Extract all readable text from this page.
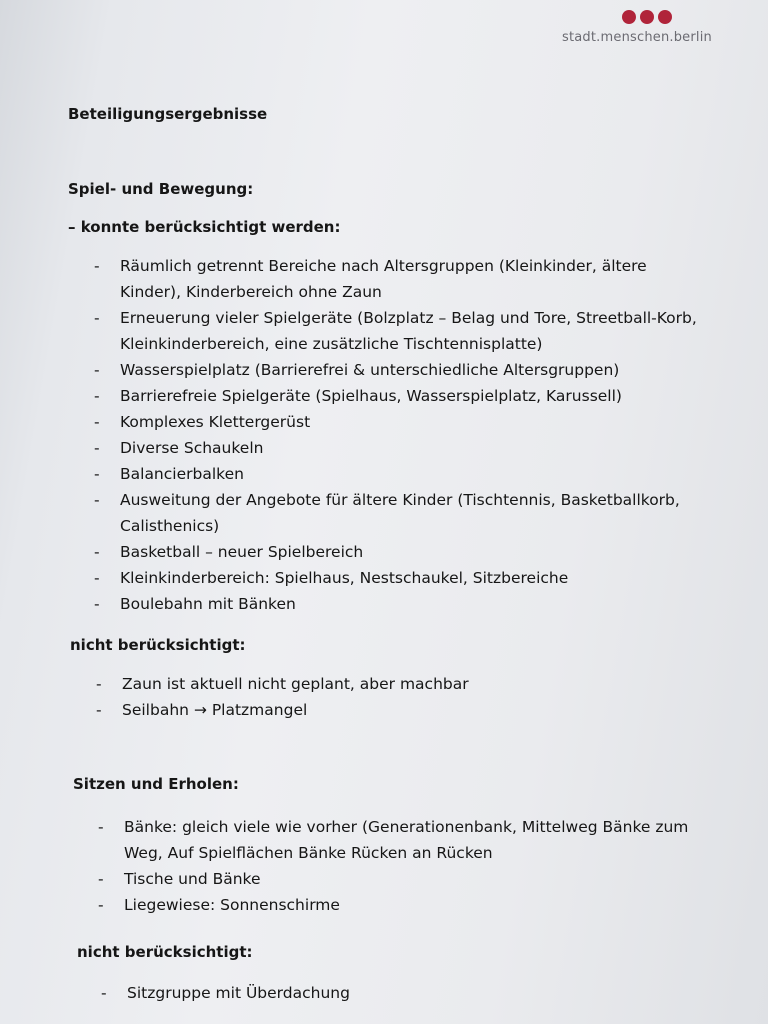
stadt.menschen.berlin
Beteiligungsergebnisse
Spiel- und Bewegung:
– konnte berücksichtigt werden:
- Räumlich getrennt Bereiche nach Altersgruppen (Kleinkinder, ältere Kinder), Kinderbereich ohne Zaun
- Erneuerung vieler Spielgeräte (Bolzplatz – Belag und Tore, Streetball-Korb, Kleinkinderbereich, eine zusätzliche Tischtennisplatte)
- Wasserspielplatz (Barrierefrei & unterschiedliche Altersgruppen)
- Barrierefreie Spielgeräte (Spielhaus, Wasserspielplatz, Karussell)
- Komplexes Klettergerüst
- Diverse Schaukeln
- Balancierbalken
- Ausweitung der Angebote für ältere Kinder (Tischtennis, Basketballkorb, Calisthenics)
- Basketball – neuer Spielbereich
- Kleinkinderbereich: Spielhaus, Nestschaukel, Sitzbereiche
- Boulebahn mit Bänken
nicht berücksichtigt:
- Zaun ist aktuell nicht geplant, aber machbar
- Seilbahn → Platzmangel
Sitzen und Erholen:
- Bänke: gleich viele wie vorher (Generationenbank, Mittelweg Bänke zum Weg, Auf Spielflächen Bänke Rücken an Rücken
- Tische und Bänke
- Liegewiese: Sonnenschirme
nicht berücksichtigt:
- Sitzgruppe mit Überdachung
